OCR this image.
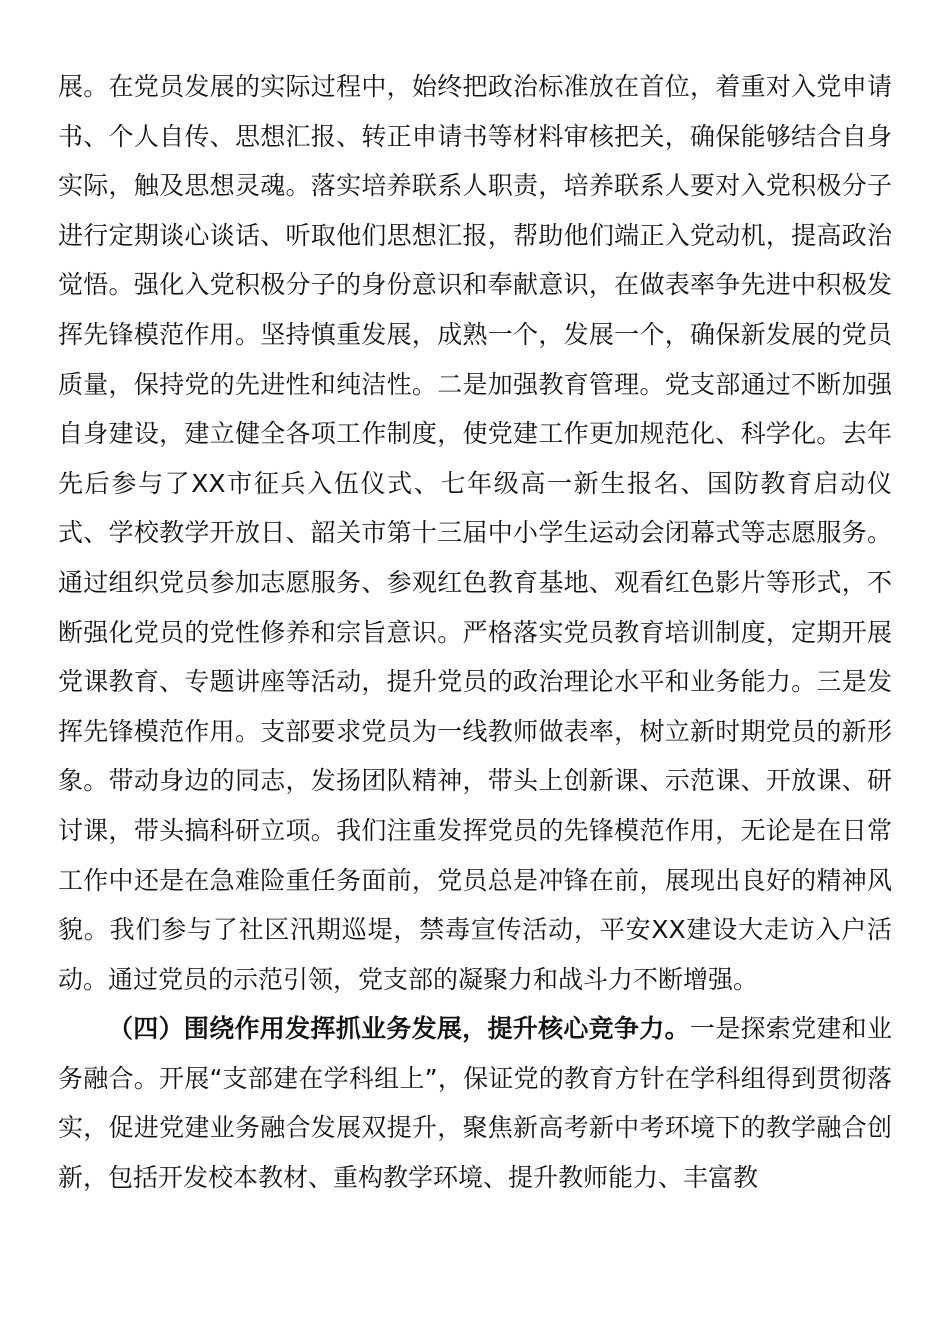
展。在党员发展的实际过程中，始终把政治标准放在首位，着重对入党申请书、个人自传、思想汇报、转正申请书等材料审核把关，确保能够结合自身实际，触及思想灵魂。落实培养联系人职责，培养联系人要对入党积极分子进行定期谈心谈话、听取他们思想汇报，帮助他们端正入党动机，提高政治觉悟。强化入党积极分子的身份意识和奉献意识，在做表率争先进中积极发挥先锋模范作用。坚持慎重发展，成熟一个，发展一个，确保新发展的党员质量，保持党的先进性和纯洁性。二是加强教育管理。党支部通过不断加强自身建设，建立健全各项工作制度，使党建工作更加规范化、科学化。去年先后参与了XX市征兵入伍仪式、七年级高一新生报名、国防教育启动仪式、学校教学开放日、韶关市第十三届中小学生运动会闭幕式等志愿服务。通过组织党员参加志愿服务、参观红色教育基地、观看红色影片等形式，不断强化党员的党性修养和宗旨意识。严格落实党员教育培训制度，定期开展党课教育、专题讲座等活动，提升党员的政治理论水平和业务能力。三是发挥先锋模范作用。支部要求党员为一线教师做表率，树立新时期党员的新形象。带动身边的同志，发扬团队精神，带头上创新课、示范课、开放课、研讨课，带头搞科研立项。我们注重发挥党员的先锋模范作用，无论是在日常工作中还是在急难险重任务面前，党员总是冲锋在前，展现出良好的精神风貌。我们参与了社区汛期巡堤，禁毒宣传活动，平安XX建设大走访入户活动。通过党员的示范引领，党支部的凝聚力和战斗力不断增强。

（四）围绕作用发挥抓业务发展，提升核心竞争力。一是探索党建和业务融合。开展“支部建在学科组上”，保证党的教育方针在学科组得到贯彻落实，促进党建业务融合发展双提升，聚焦新高考新中考环境下的教学融合创新，包括开发校本教材、重构教学环境、提升教师能力、丰富教
